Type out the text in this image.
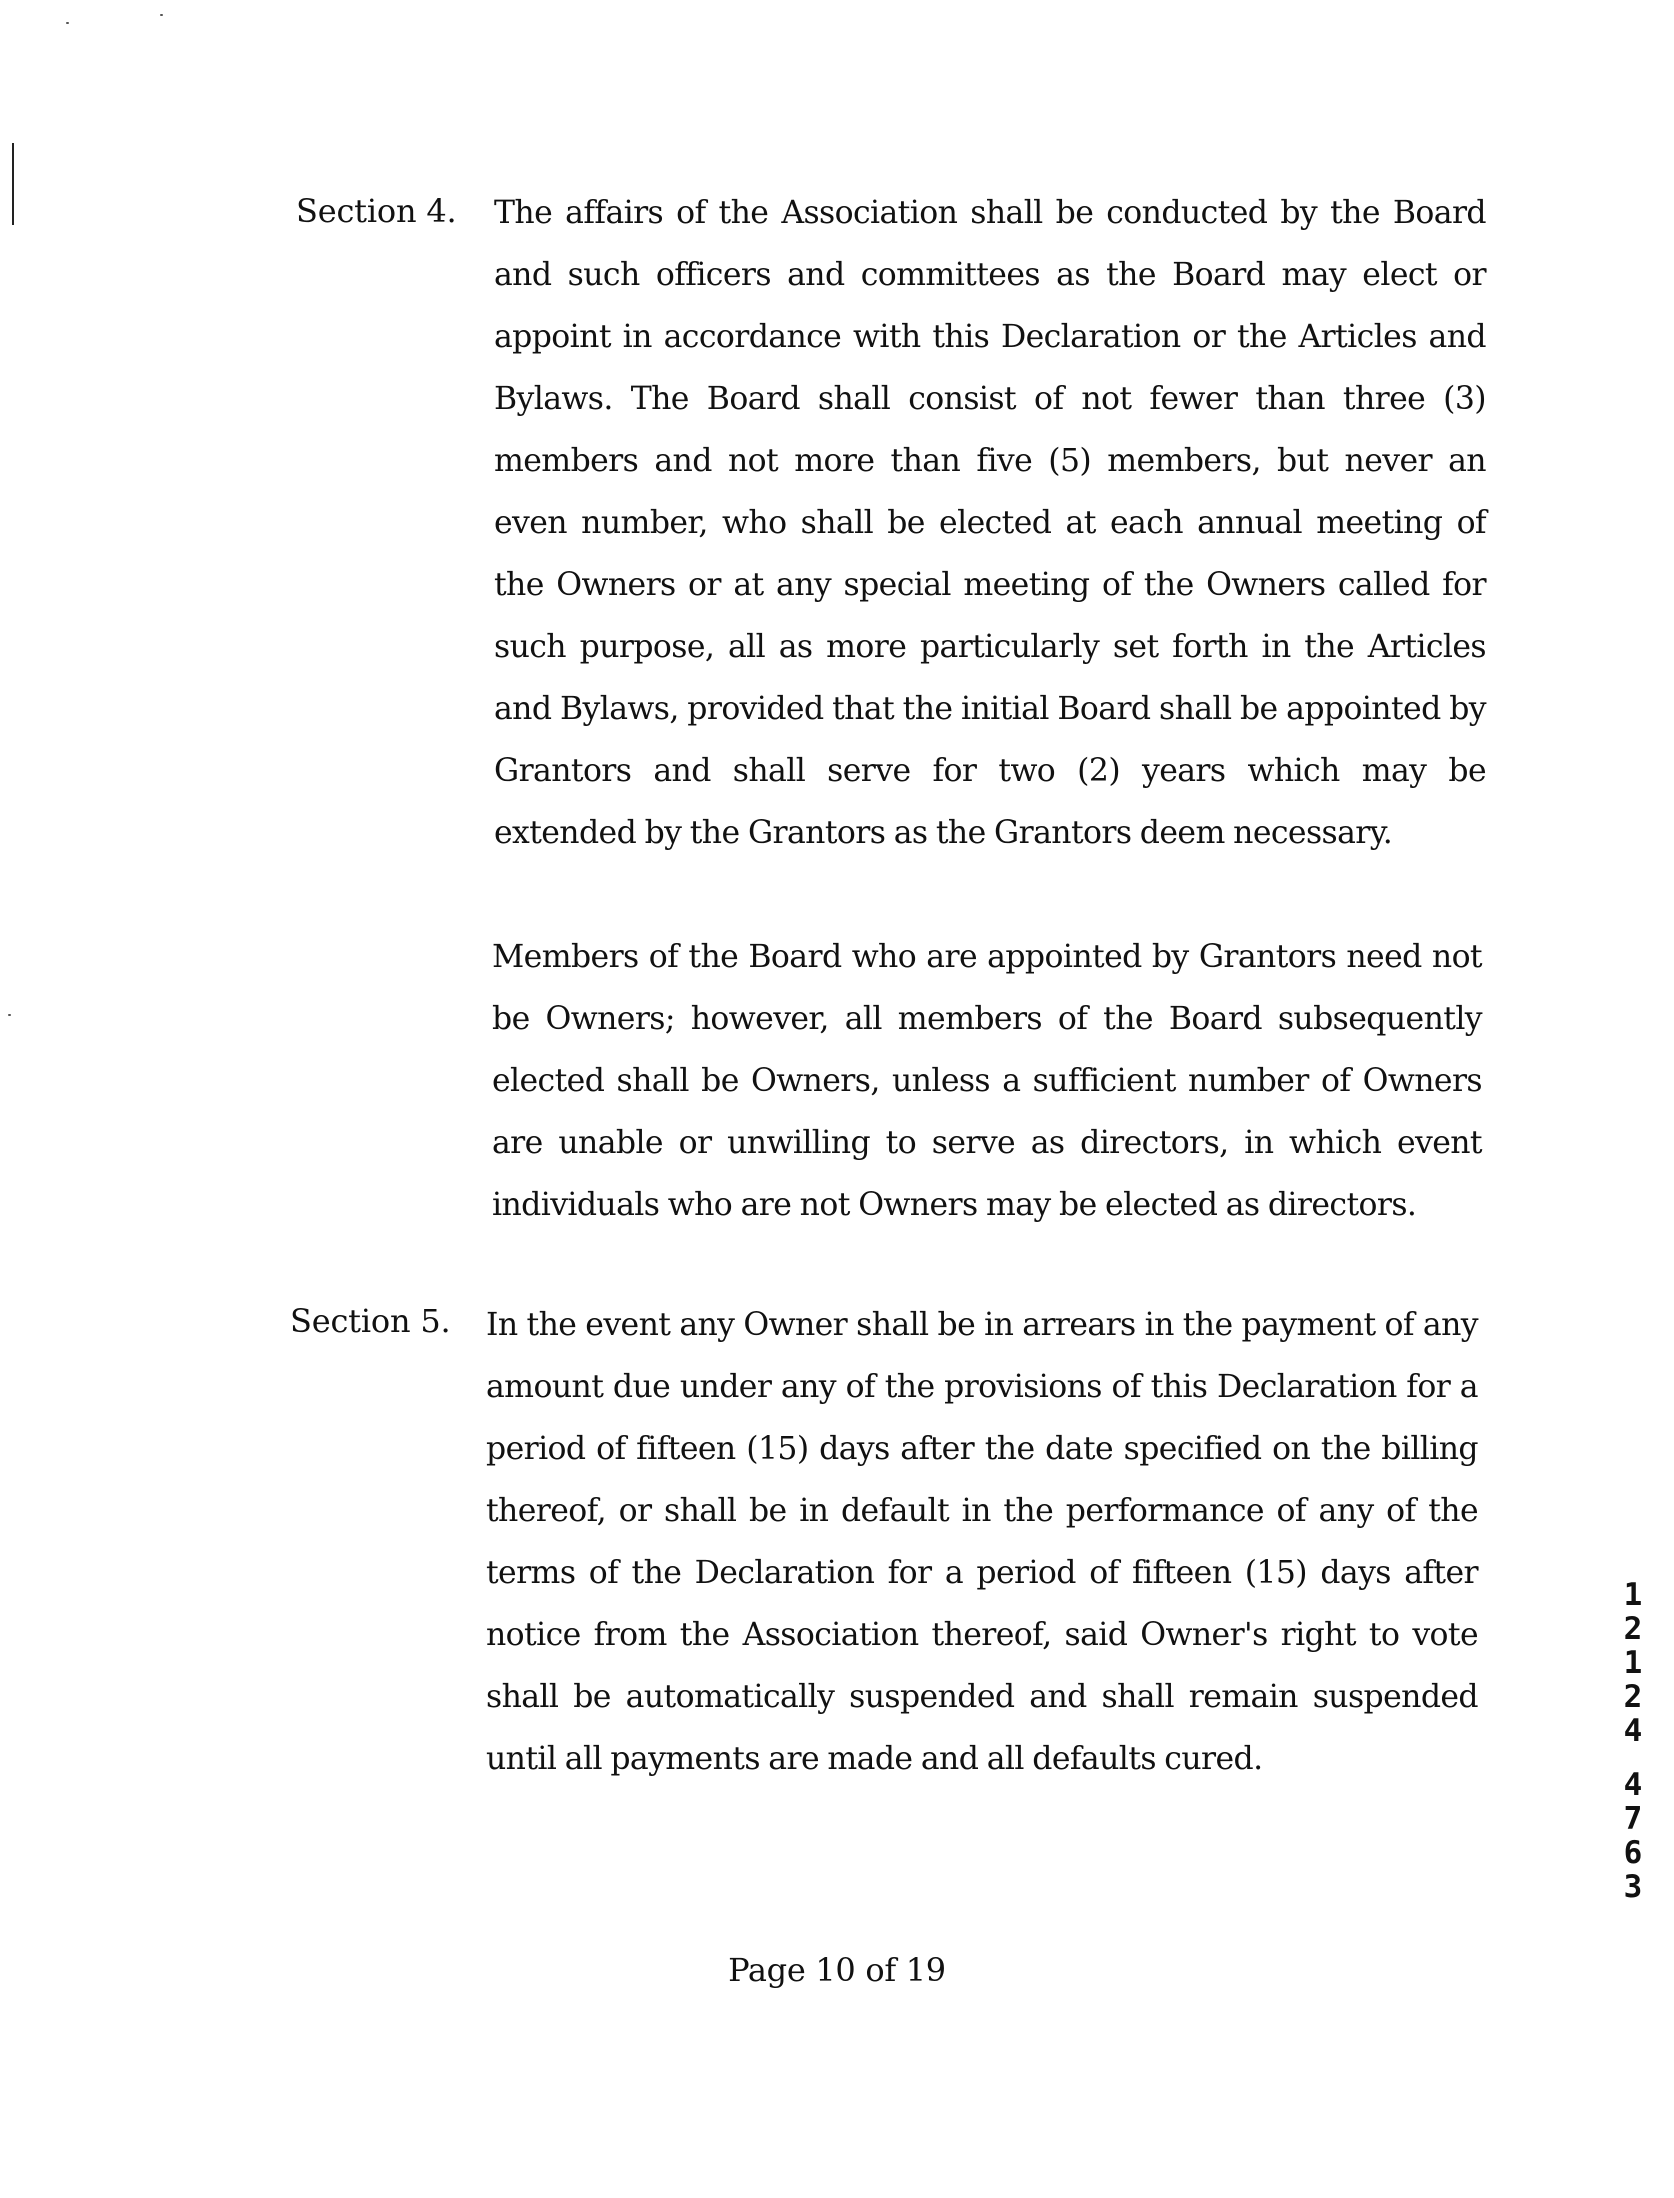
Section 4. The affairs of the Association shall be conducted by the Board and such officers and committees as the Board may elect or appoint in accordance with this Declaration or the Articles and Bylaws. The Board shall consist of not fewer than three (3) members and not more than five (5) members, but never an even number, who shall be elected at each annual meeting of the Owners or at any special meeting of the Owners called for such purpose, all as more particularly set forth in the Articles and Bylaws, provided that the initial Board shall be appointed by Grantors and shall serve for two (2) years which may be extended by the Grantors as the Grantors deem necessary.
Members of the Board who are appointed by Grantors need not be Owners; however, all members of the Board subsequently elected shall be Owners, unless a sufficient number of Owners are unable or unwilling to serve as directors, in which event individuals who are not Owners may be elected as directors.
Section 5. In the event any Owner shall be in arrears in the payment of any amount due under any of the provisions of this Declaration for a period of fifteen (15) days after the date specified on the billing thereof, or shall be in default in the performance of any of the terms of the Declaration for a period of fifteen (15) days after notice from the Association thereof, said Owner's right to vote shall be automatically suspended and shall remain suspended until all payments are made and all defaults cured.
1
2
1
2
4
4
7
6
3
Page 10 of 19
